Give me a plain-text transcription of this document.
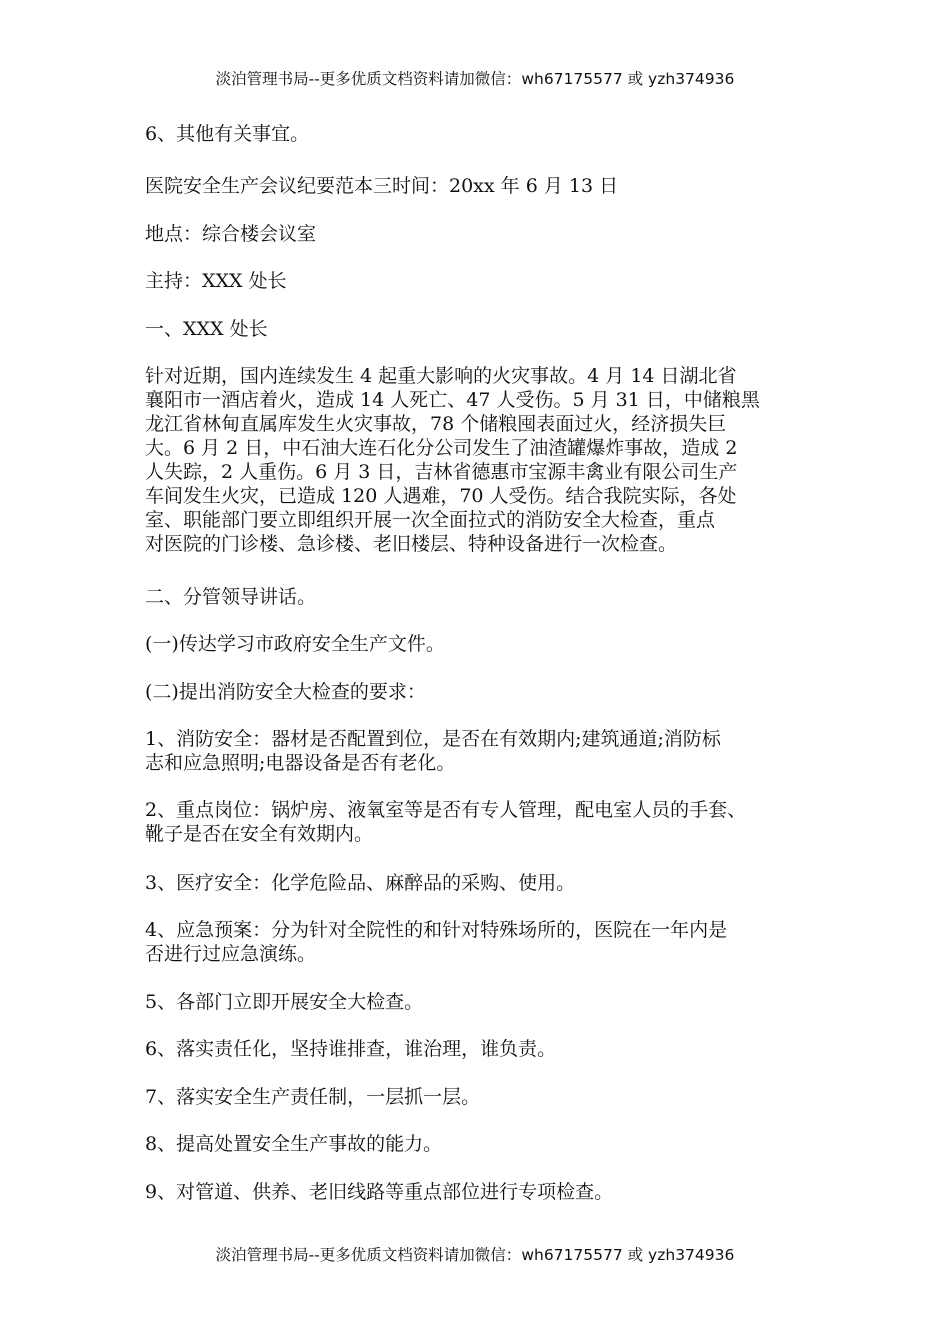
淡泊管理书局--更多优质文档资料请加微信：wh67175577 或 yzh374936

6、其他有关事宜。

医院安全生产会议纪要范本三时间：20xx 年 6 月 13 日

地点：综合楼会议室

主持：XXX 处长

一、XXX 处长

针对近期，国内连续发生 4 起重大影响的火灾事故。4 月 14 日湖北省

襄阳市一酒店着火，造成 14 人死亡、47 人受伤。5 月 31 日，中储粮黑

龙江省林甸直属库发生火灾事故，78 个储粮囤表面过火，经济损失巨

大。6 月 2 日，中石油大连石化分公司发生了油渣罐爆炸事故，造成 2

人失踪，2 人重伤。6 月 3 日，吉林省德惠市宝源丰禽业有限公司生产

车间发生火灾，已造成 120 人遇难，70 人受伤。结合我院实际，各处

室、职能部门要立即组织开展一次全面拉式的消防安全大检查，重点

对医院的门诊楼、急诊楼、老旧楼层、特种设备进行一次检查。

二、分管领导讲话。

(一)传达学习市政府安全生产文件。

(二)提出消防安全大检查的要求：

1、消防安全：器材是否配置到位，是否在有效期内;建筑通道;消防标

志和应急照明;电器设备是否有老化。

2、重点岗位：锅炉房、液氧室等是否有专人管理，配电室人员的手套、

靴子是否在安全有效期内。

3、医疗安全：化学危险品、麻醉品的采购、使用。

4、应急预案：分为针对全院性的和针对特殊场所的，医院在一年内是

否进行过应急演练。

5、各部门立即开展安全大检查。

6、落实责任化，坚持谁排查，谁治理，谁负责。

7、落实安全生产责任制，一层抓一层。

8、提高处置安全生产事故的能力。

9、对管道、供养、老旧线路等重点部位进行专项检查。

淡泊管理书局--更多优质文档资料请加微信：wh67175577 或 yzh374936
